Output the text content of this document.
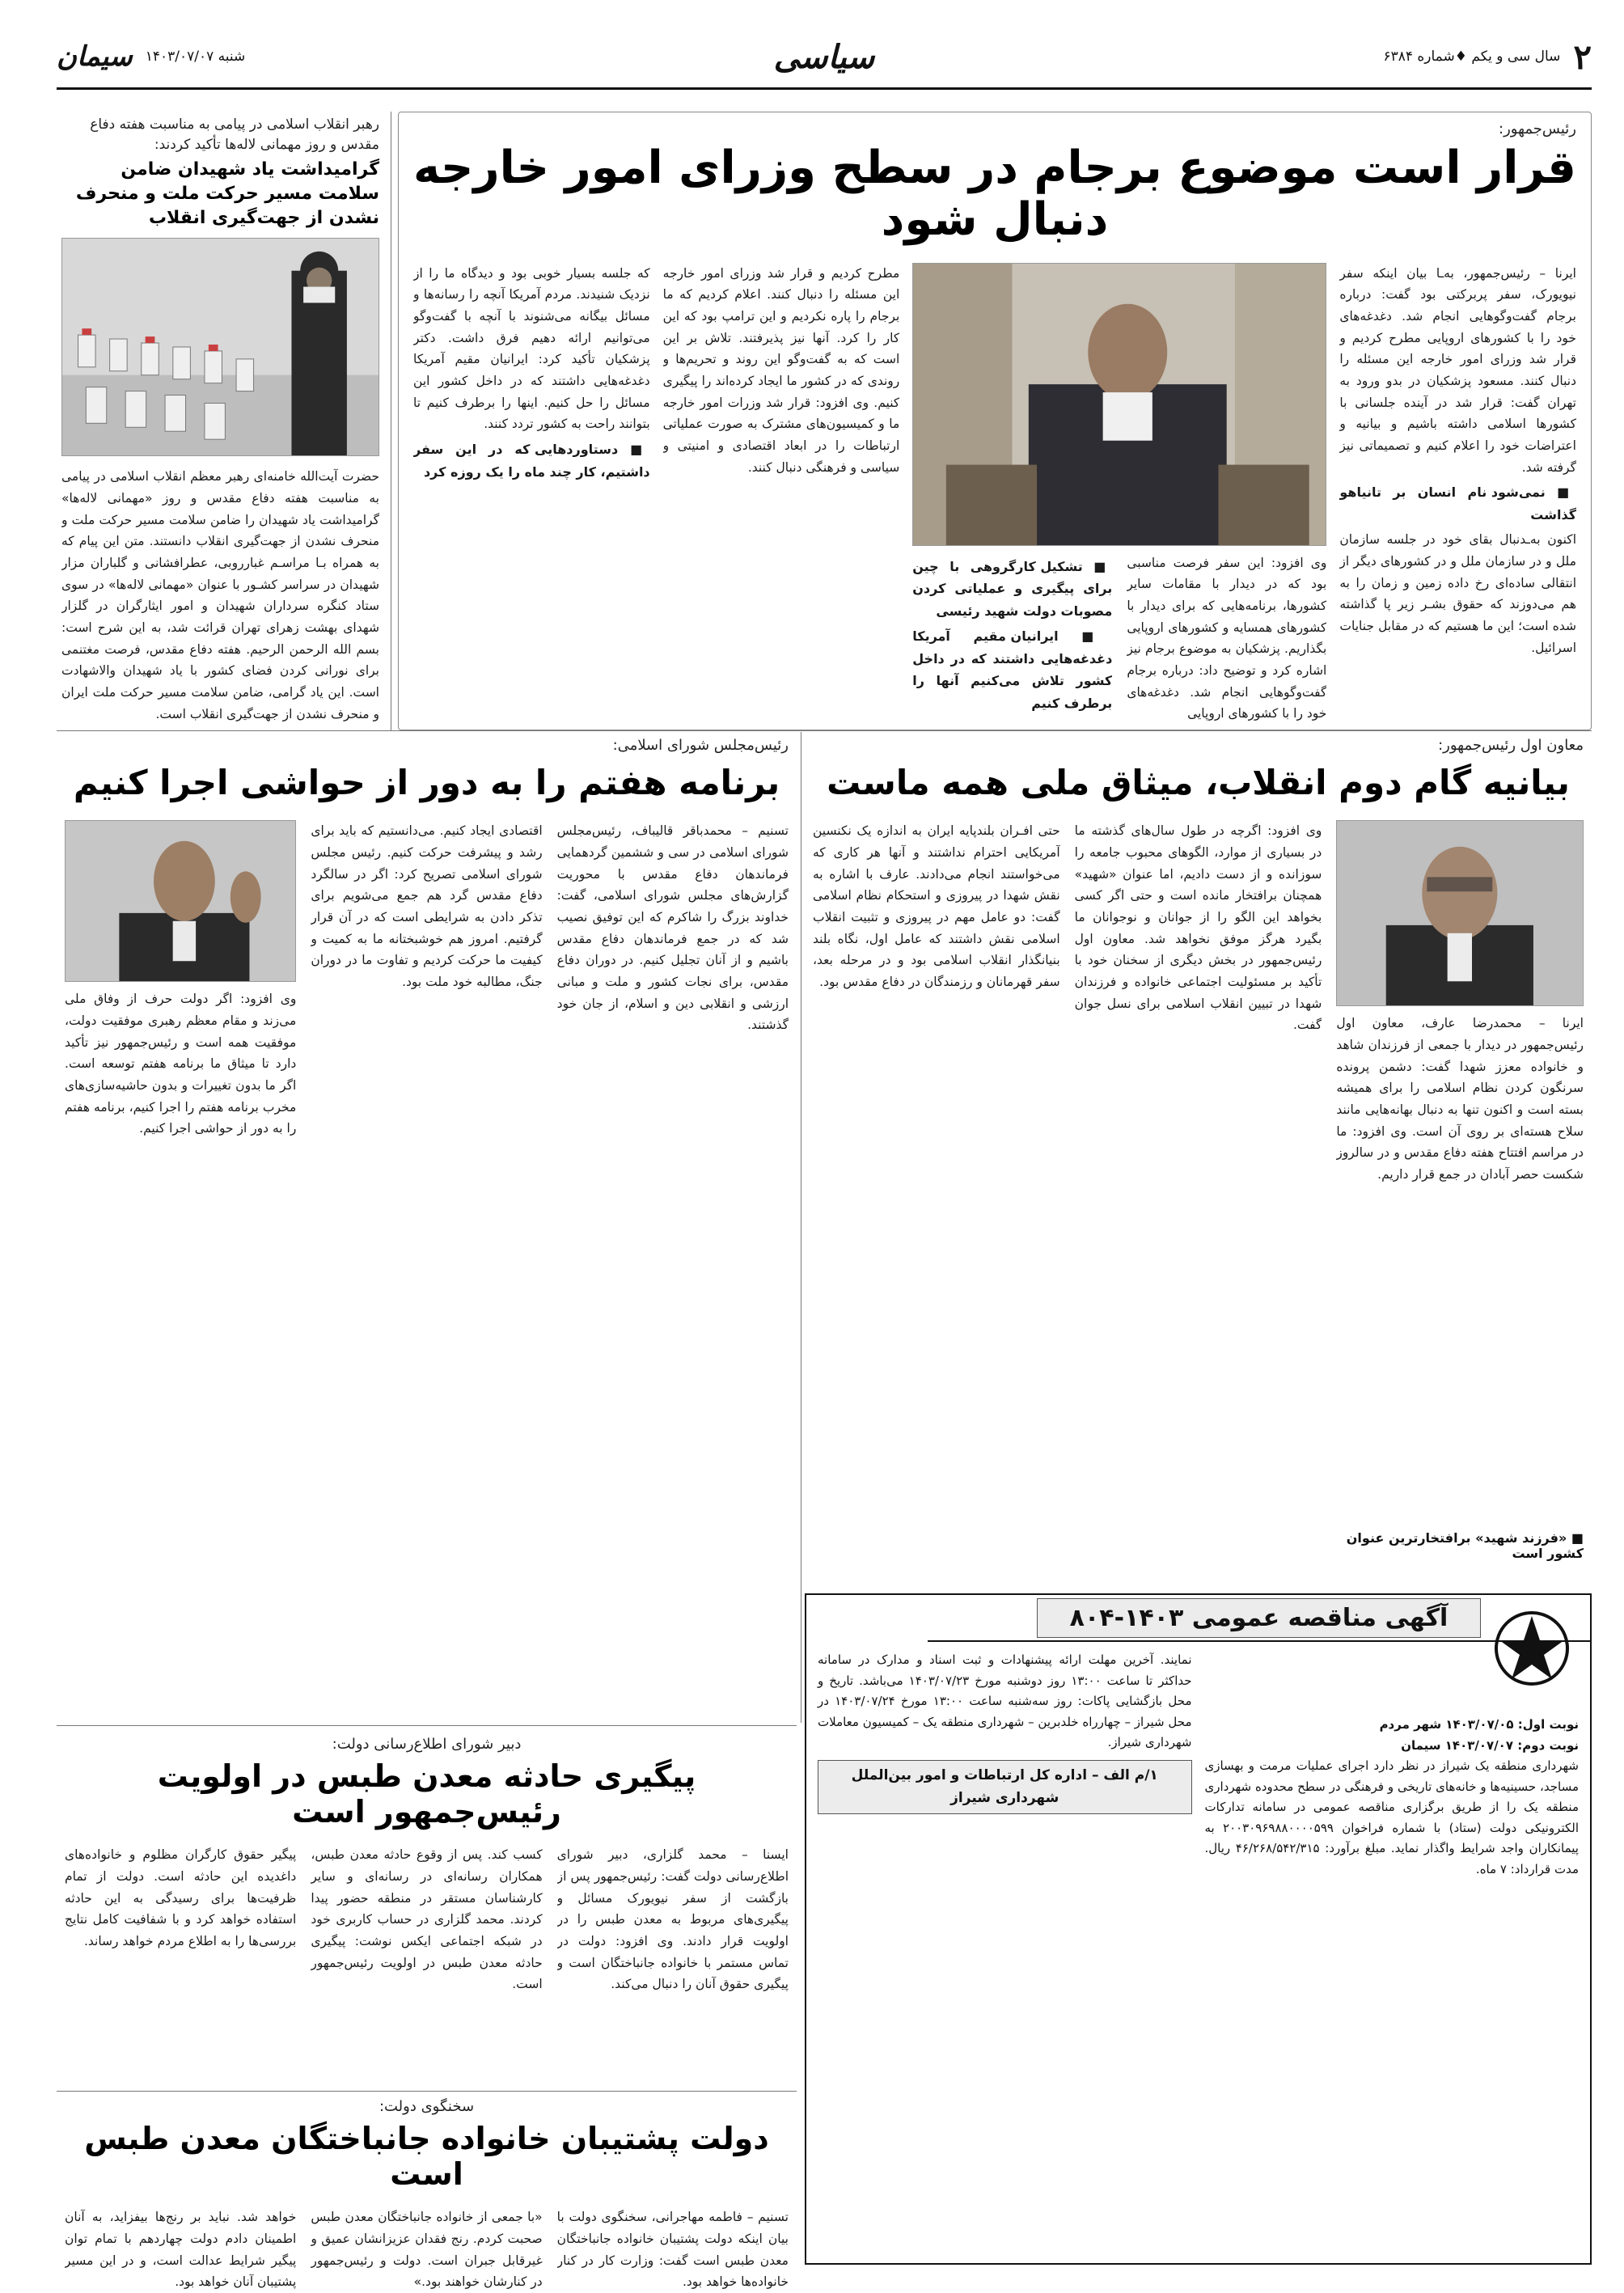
۲
سال سی و یکم ♦شماره ۶۳۸۴
سیاسی
شنبه ۱۴۰۳/۰۷/۰۷
سیمان
رهبر انقلاب اسلامی در پیامی به مناسبت هفته دفاع مقدس و روز مهمانی لاله‌ها تأکید کردند:
گرامیداشت یاد شهیدان ضامن سلامت مسیر حرکت ملت و منحرف نشدن از جهت‌گیری انقلاب
حضرت آیت‌الله خامنه‌ای رهبر معظم انقلاب اسلامی در پیامی به مناسبت هفته دفاع مقدس و روز «مهمانی لاله‌ها» گرامیداشت یاد شهیدان را ضامن سلامت مسیر حرکت ملت و منحرف نشدن از جهت‌گیری انقلاب دانستند. متن این پیام که به همراه بـا مراسـم غبارروبی، عطرافشانی و گلباران مزار شهیدان در سراسر کشـور با عنوان «مهمانی لاله‌ها» در سوی ستاد کنگره سرداران شهیدان و امور ایثارگران در گلزار شهدای بهشت زهرای تهران قرائت شد، به این شرح است: بسم الله الرحمن الرحیم. هفته دفاع مقدس، فرصت مغتنمی برای نورانی کردن فضای کشور با یاد شهیدان والاشهادت است. این یاد گرامی، ضامن سلامت مسیر حرکت ملت ایران و منحرف نشدن از جهت‌گیری انقلاب است.
رئیس‌جمهور:
قرار است موضوع برجام در سطح وزرای امور خارجه دنبال شود

ایرنا – رئیس‌جمهور، به‌ـا بیان اینکه سفر نیویورک، سفر پربرکتی بود گفت: درباره برجام گفت‌وگوهایی انجام شد. دغدغه‌های خود را با کشورهای اروپایی مطرح کردیم و قرار شد وزرای امور خارجه این مسئله را دنبال کنند. مسعود پزشکیان در بدو ورود به تهران گفت: قرار شد در آینده جلسانی با کشورها اسلامی داشته باشیم و بیانیه و اعتراضات خود را اعلام کنیم و تصمیماتی نیز گرفته شد.

■ نمی‌شود نام انسان بر تانیاهو گذاشت

اکنون به‌ـدنبال بقای خود در جلسه سازمان ملل و در سازمان ملل و در کشورهای دیگر از انتقالی ساده‌ای رخ داده زمین و زمان را به هم می‌دوزند که حقوق بشـر زیر پا گذاشته شده است؛ این ما هستیم که در مقابل جنایات اسرائیل.

وی افزود: این سفر فرصت مناسبی بود که در دیدار با مقامات سایر کشورها، برنامه‌هایی که برای دیدار با کشورهای همسایه و کشورهای اروپایی بگذاریم. پزشکیان به موضوع برجام نیز اشاره کرد و توضیح داد: درباره برجام گفت‌وگوهایی انجام شد. دغدغه‌های خود را با کشورهای اروپایی
■ تشکیل کارگروهی با چین برای پیگیری و عملیاتی کردن مصوبات دولت شهید رئیسی
■ ایرانیان مقیم آمریکا دغدغه‌هایی داشتند که در داخل کشور تلاش می‌کنیم آنها را برطرف کنیم

مطرح کردیم و قرار شد وزرای امور خارجه این مسئله را دنبال کنند. اعلام کردیم که ما برجام را پاره نکردیم و این ترامپ بود که این کار را کرد. آنها نیز پذیرفتند. تلاش بر این است که به گفت‌وگو این روند و تحریم‌ها و روندی که در کشور ما ایجاد کرده‌اند را پیگیری کنیم. وی افزود: قرار شد وزرات امور خارجه ما و کمیسیون‌های مشترک به صورت عملیاتی ارتباطات را در ابعاد اقتصادی و امنیتی و سیاسی و فرهنگی دنبال کنند.

که جلسه بسیار خوبی بود و دیدگاه ما را از نزدیک شنیدند. مردم آمریکا آنچه را رسانه‌ها و مسائل بیگانه می‌شنوند با آنچه با گفت‌وگو می‌توانیم ارائه دهیم فرق داشت. دکتر پزشکیان تأکید کرد: ایرانیان مقیم آمریکا دغدغه‌هایی داشتند که در داخل کشور این مسائل را حل کنیم. اینها را برطرف کنیم تا بتوانند راحت به کشور تردد کنند.

■ دستاوردهایی که در این سفر داشتیم، کار چند ماه را یک روزه کرد
معاون اول رئیس‌جمهور:
بیانیه گام دوم انقلاب، میثاق ملی همه ماست
ایرنا – محمدرضا عارف، معاون اول رئیس‌جمهور در دیدار با جمعی از فرزندان شاهد و خانواده معزز شهدا گفت: دشمن پرونده سرنگون کردن نظام اسلامی را برای همیشه بسته است و اکنون تنها به دنبال بهانه‌هایی مانند سلاح هسته‌ای بر روی آن است. وی افزود: ما در مراسم افتتاح هفته دفاع مقدس و در سالروز شکست حصر آبادان در جمع قرار داریم.
■ «فرزند شهید» برافتخارترین عنوان کشور است
وی افزود: اگرچه در طول سال‌های گذشته ما در بسیاری از موارد، الگوهای محبوب جامعه را سوزانده و از دست دادیم، اما عنوان «شهید» همچنان برافتخار مانده است و حتی اگر کسی بخواهد این الگو را از جوانان و نوجوانان ما بگیرد هرگز موفق نخواهد شد. معاون اول رئیس‌جمهور در بخش دیگری از سخنان خود با تأکید بر مسئولیت اجتماعی خانواده و فرزندان شهدا در تبیین انقلاب اسلامی برای نسل جوان گفت.
حتی افـران بلندپایه ایران به اندازه یک نکنسین آمریکایی احترام نداشتند و آنها هر کاری که می‌خواستند انجام می‌دادند. عارف با اشاره به نقش شهدا در پیروزی و استحکام نظام اسلامی گفت: دو عامل مهم در پیروزی و تثبیت انقلاب اسلامی نقش داشتند که عامل اول، نگاه بلند بنیانگذار انقلاب اسلامی بود و در مرحله بعد، سفر قهرمانان و رزمندگان در دفاع مقدس بود.
رئیس‌مجلس شورای اسلامی:
برنامه هفتم را به دور از حواشی اجرا کنیم
تسنیم – محمدباقر قالیباف، رئیس‌مجلس شورای اسلامی در سی و ششمین گردهمایی فرماندهان دفاع مقدس با محوریت گزارش‌های مجلس شورای اسلامی، گفت: خداوند بزرگ را شاکرم که این توفیق نصیب شد که در جمع فرماندهان دفاع مقدس باشیم و از آنان تجلیل کنیم. در دوران دفاع مقدس، برای نجات کشور و ملت و مبانی ارزشی و انقلابی دین و اسلام، از جان خود گذشتند.
اقتصادی ایجاد کنیم. می‌دانستیم که باید برای رشد و پیشرفت حرکت کنیم. رئیس مجلس شورای اسلامی تصریح کرد: اگر در سالگرد دفاع مقدس گرد هم جمع می‌شویم برای تذکر دادن به شرایطی است که در آن قرار گرفتیم. امروز هم خوشبختانه ما به کمیت و کیفیت ما حرکت کردیم و تفاوت ما در دوران جنگ، مطالبه خود ملت بود.
وی افزود: اگر دولت حرف از وفاق ملی می‌زند و مقام معظم رهبری موفقیت دولت، موفقیت همه است و رئیس‌جمهور نیز تأکید دارد تا میثاق ما برنامه هفتم توسعه است. اگر ما بدون تغییرات و بدون حاشیه‌سازی‌های مخرب برنامه هفتم را اجرا کنیم، برنامه هفتم را به دور از حواشی اجرا کنیم.
آگهی مناقصه عمومی ۱۴۰۳-۸۰۴
نوبت اول: ۱۴۰۳/۰۷/۰۵ شهر مردم
نوبت دوم: ۱۴۰۳/۰۷/۰۷ سیمان

شهرداری منطقه یک شیراز در نظر دارد اجرای عملیات مرمت و بهسازی مساجد، حسینیه‌ها و خانه‌های تاریخی و فرهنگی در سطح محدوده شهرداری منطقه یک را از طریق برگزاری مناقصه عمومی در سامانه تدارکات الکترونیکی دولت (ستاد) با شماره فراخوان ۲۰۰۳۰۹۶۹۸۸۰۰۰۰۵۹۹ به پیمانکاران واجد شرایط واگذار نماید. مبلغ برآورد: ۴۶/۲۶۸/۵۴۲/۳۱۵ ریال. مدت قرارداد: ۷ ماه.

نمایند. آخرین مهلت ارائه پیشنهادات و ثبت اسناد و مدارک در سامانه حداکثر تا ساعت ۱۳:۰۰ روز دوشنبه مورخ ۱۴۰۳/۰۷/۲۳ می‌باشد. تاریخ و محل بازگشایی پاکات: روز سه‌شنبه ساعت ۱۳:۰۰ مورخ ۱۴۰۳/۰۷/۲۴ در محل شیراز – چهارراه خلدبرین – شهرداری منطقه یک – کمیسیون معاملات شهرداری شیراز.

۱/م الف – اداره کل ارتباطات و امور بین‌الملل شهرداری شیراز
دبیر شورای اطلاع‌رسانی دولت:
پیگیری حادثه معدن طبس در اولویت رئیس‌جمهور است
ایسنا – محمد گلزاری، دبیر شورای اطلاع‌رسانی دولت گفت: رئیس‌جمهور پس از بازگشت از سفر نیویورک مسائل و پیگیری‌های مربوط به معدن طبس را در اولویت قرار دادند. وی افزود: دولت در تماس مستمر با خانواده جانباختگان است و پیگیری حقوق آنان را دنبال می‌کند.
کسب کند. پس از وقوع حادثه معدن طبس، همکاران رسانه‌ای در رسانه‌ای و سایر کارشناسان مستقر در منطقه حضور پیدا کردند. محمد گلزاری در حساب کاربری خود در شبکه اجتماعی ایکس نوشت: پیگیری حادثه معدن طبس در اولویت رئیس‌جمهور است.
پیگیر حقوق کارگران مظلوم و خانواده‌های داغدیده این حادثه است. دولت از تمام ظرفیت‌ها برای رسیدگی به این حادثه استفاده خواهد کرد و با شفافیت کامل نتایج بررسی‌ها را به اطلاع مردم خواهد رساند.
سخنگوی دولت:
دولت پشتیبان خانواده جانباختگان معدن طبس است
تسنیم – فاطمه مهاجرانی، سخنگوی دولت با بیان اینکه دولت پشتیبان خانواده جانباختگان معدن طبس است گفت: وزارت کار در کنار خانواده‌ها خواهد بود.
«با جمعی از خانواده جانباختگان معدن طبس صحبت کردم. رنج فقدان عزیزانشان عمیق و غیرقابل جبران است. دولت و رئیس‌جمهور در کنارشان خواهند بود.»
خواهد شد. نباید بر رنج‌ها بیفزاید، به آنان اطمینان دادم دولت چهاردهم با تمام توان پیگیر شرایط عدالت است، و در این مسیر پشتیبان آنان خواهد بود.
